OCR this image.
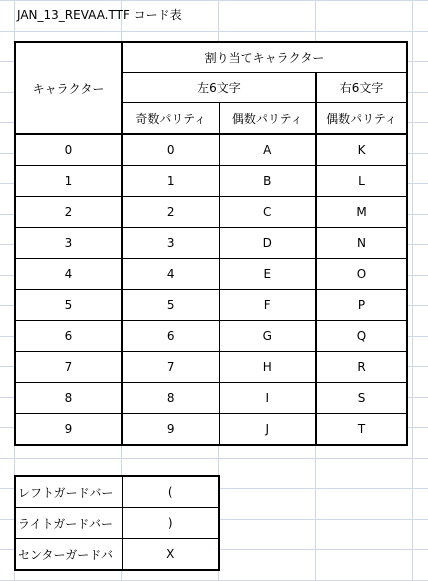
JAN_13_REVAA.TTF コード表
キャラクター	割り当てキャラクター		
	左6文字		右6文字
	奇数パリティ	偶数パリティ	偶数パリティ
0	0	A	K
1	1	B	L
2	2	C	M
3	3	D	N
4	4	E	O
5	5	F	P
6	6	G	Q
7	7	H	R
8	8	I	S
9	9	J	T
レフトガードバー	(
ライトガードバー	)
センターガードバ	X
